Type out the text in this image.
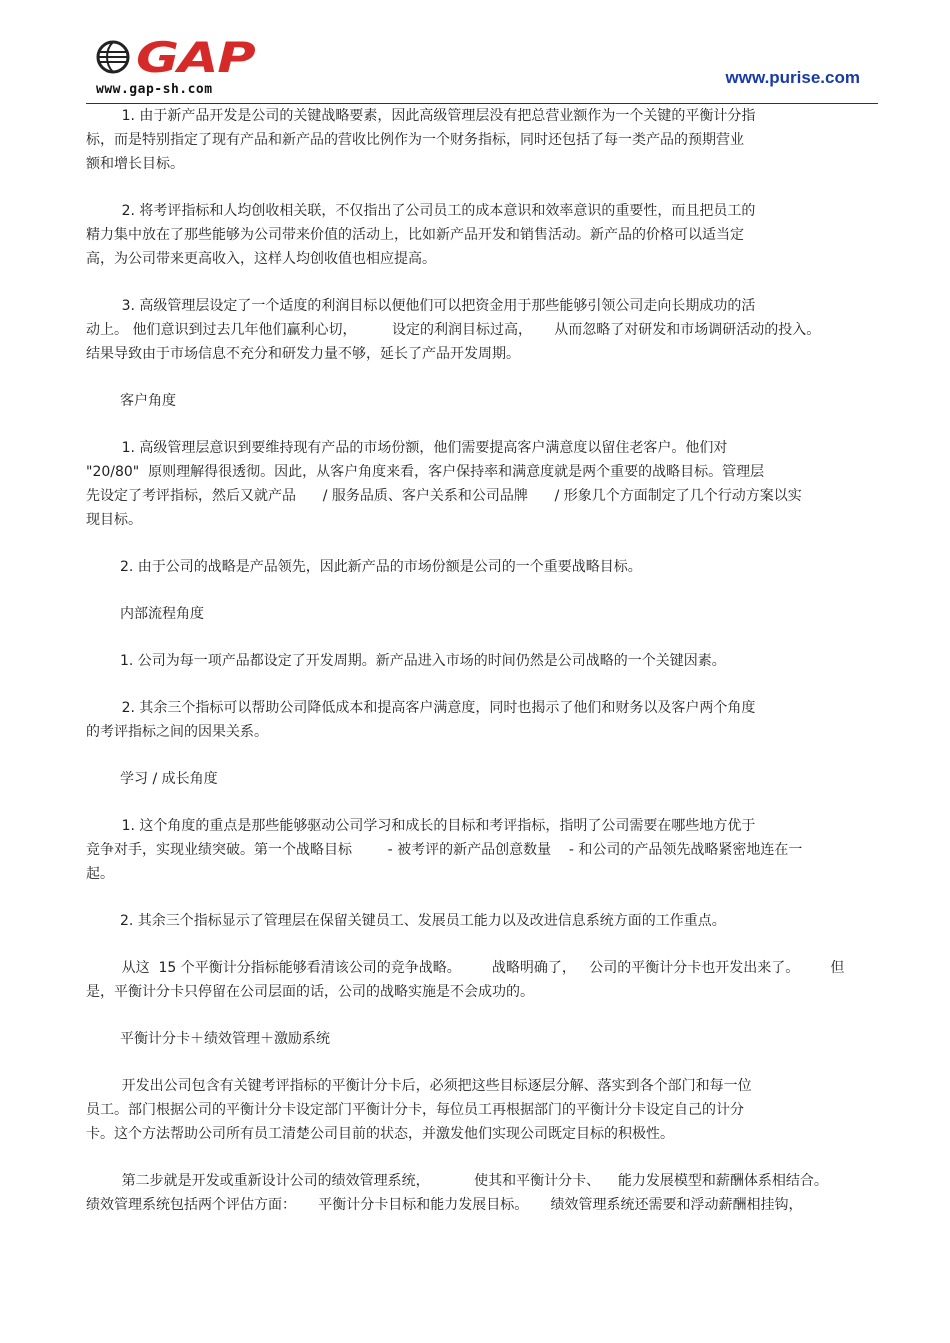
GAP
www.gap-sh.com
www.purise.com
1. 由于新产品开发是公司的关键战略要素，因此高级管理层没有把总营业额作为一个关键的平衡计分指
标，而是特别指定了现有产品和新产品的营收比例作为一个财务指标，同时还包括了每一类产品的预期营业
额和增长目标。
2. 将考评指标和人均创收相关联，不仅指出了公司员工的成本意识和效率意识的重要性，而且把员工的
精力集中放在了那些能够为公司带来价值的活动上，比如新产品开发和销售活动。新产品的价格可以适当定
高，为公司带来更高收入，这样人均创收值也相应提高。
3. 高级管理层设定了一个适度的利润目标以便他们可以把资金用于那些能够引领公司走向长期成功的活
动上。 他们意识到过去几年他们赢利心切，        设定的利润目标过高，     从而忽略了对研发和市场调研活动的投入。
结果导致由于市场信息不充分和研发力量不够，延长了产品开发周期。
客户角度
1. 高级管理层意识到要维持现有产品的市场份额，他们需要提高客户满意度以留住老客户。他们对
"20/80"  原则理解得很透彻。因此，从客户角度来看，客户保持率和满意度就是两个重要的战略目标。管理层
先设定了考评指标，然后又就产品      / 服务品质、客户关系和公司品牌      / 形象几个方面制定了几个行动方案以实
现目标。
2. 由于公司的战略是产品领先，因此新产品的市场份额是公司的一个重要战略目标。
内部流程角度
1. 公司为每一项产品都设定了开发周期。新产品进入市场的时间仍然是公司战略的一个关键因素。
2. 其余三个指标可以帮助公司降低成本和提高客户满意度，同时也揭示了他们和财务以及客户两个角度
的考评指标之间的因果关系。
学习 / 成长角度
1. 这个角度的重点是那些能够驱动公司学习和成长的目标和考评指标，指明了公司需要在哪些地方优于
竞争对手，实现业绩突破。第一个战略目标        - 被考评的新产品创意数量    - 和公司的产品领先战略紧密地连在一
起。
2. 其余三个指标显示了管理层在保留关键员工、发展员工能力以及改进信息系统方面的工作重点。
从这  15 个平衡计分指标能够看清该公司的竞争战略。       战略明确了，   公司的平衡计分卡也开发出来了。       但
是，平衡计分卡只停留在公司层面的话，公司的战略实施是不会成功的。
平衡计分卡＋绩效管理＋激励系统
开发出公司包含有关键考评指标的平衡计分卡后，必须把这些目标逐层分解、落实到各个部门和每一位
员工。部门根据公司的平衡计分卡设定部门平衡计分卡，每位员工再根据部门的平衡计分卡设定自己的计分
卡。这个方法帮助公司所有员工清楚公司目前的状态，并激发他们实现公司既定目标的积极性。
第二步就是开发或重新设计公司的绩效管理系统，          使其和平衡计分卡、    能力发展模型和薪酬体系相结合。
绩效管理系统包括两个评估方面：     平衡计分卡目标和能力发展目标。     绩效管理系统还需要和浮动薪酬相挂钩，
